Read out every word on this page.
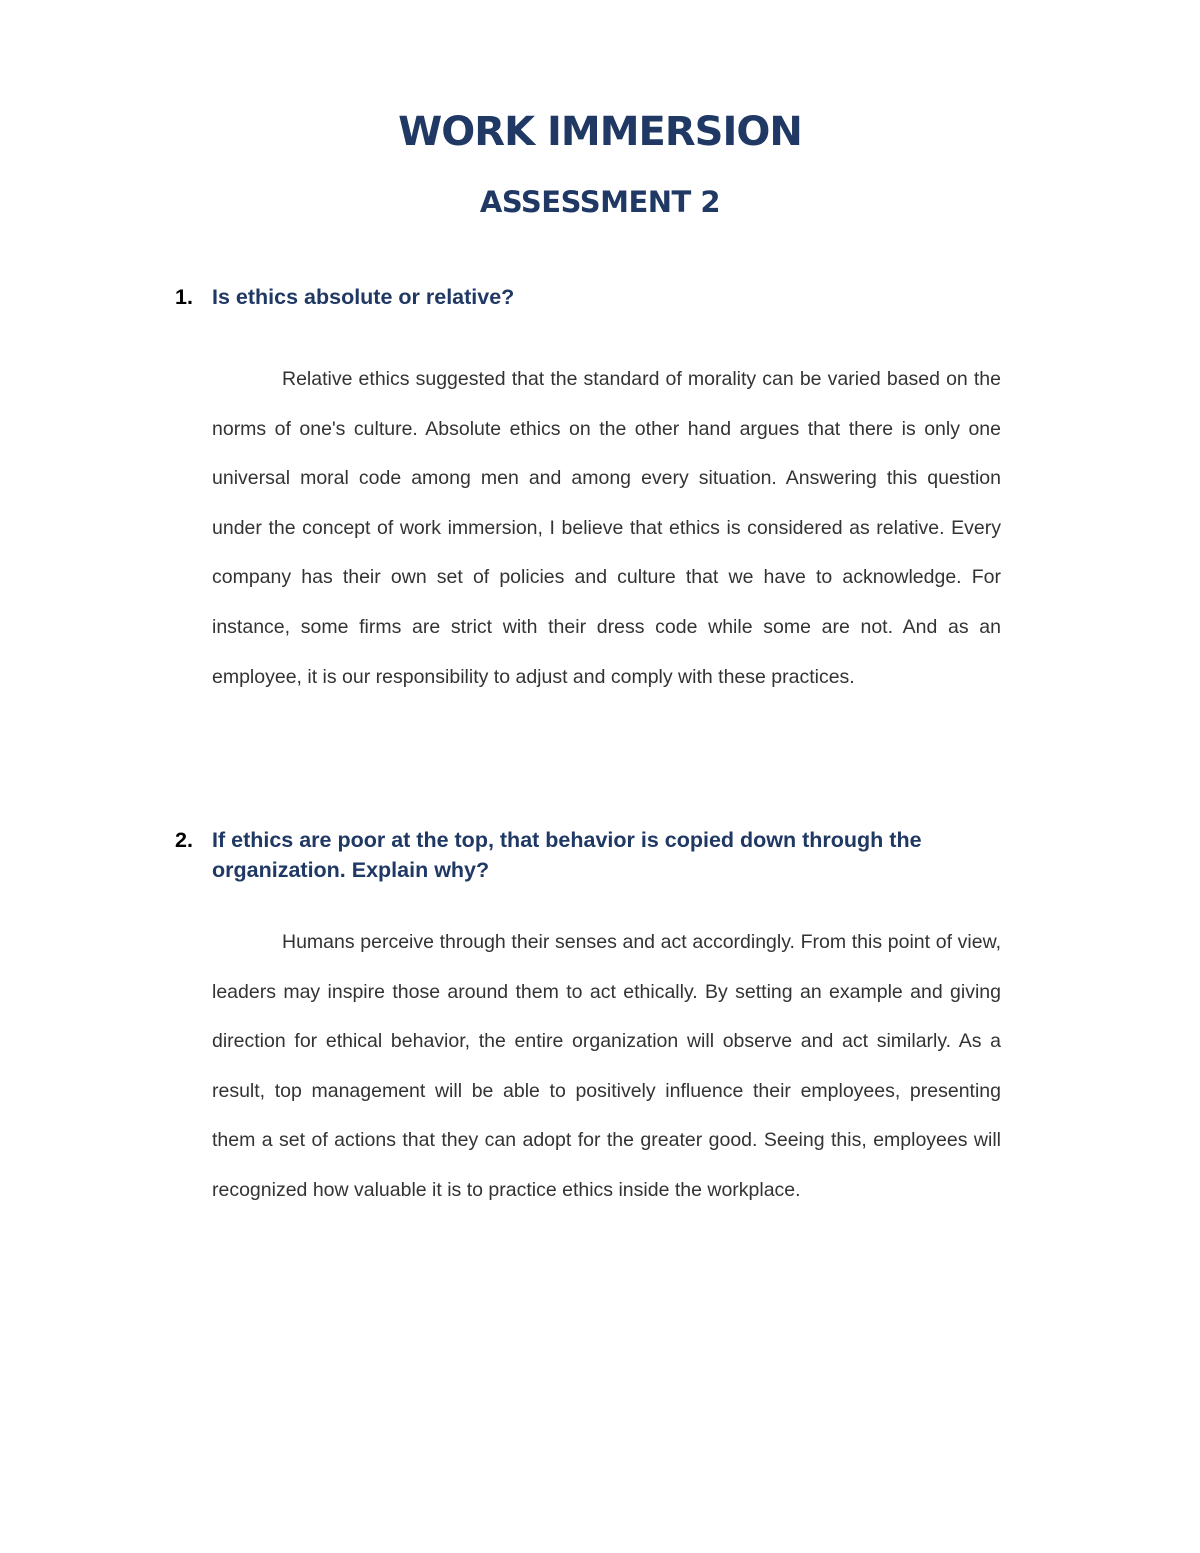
WORK IMMERSION
ASSESSMENT 2
1. Is ethics absolute or relative?

Relative ethics suggested that the standard of morality can be varied based on the norms of one's culture. Absolute ethics on the other hand argues that there is only one universal moral code among men and among every situation. Answering this question under the concept of work immersion, I believe that ethics is considered as relative. Every company has their own set of policies and culture that we have to acknowledge. For instance, some firms are strict with their dress code while some are not. And as an employee, it is our responsibility to adjust and comply with these practices.

2. If ethics are poor at the top, that behavior is copied down through the organization. Explain why?

Humans perceive through their senses and act accordingly. From this point of view, leaders may inspire those around them to act ethically. By setting an example and giving direction for ethical behavior, the entire organization will observe and act similarly. As a result, top management will be able to positively influence their employees, presenting them a set of actions that they can adopt for the greater good. Seeing this, employees will recognized how valuable it is to practice ethics inside the workplace.
